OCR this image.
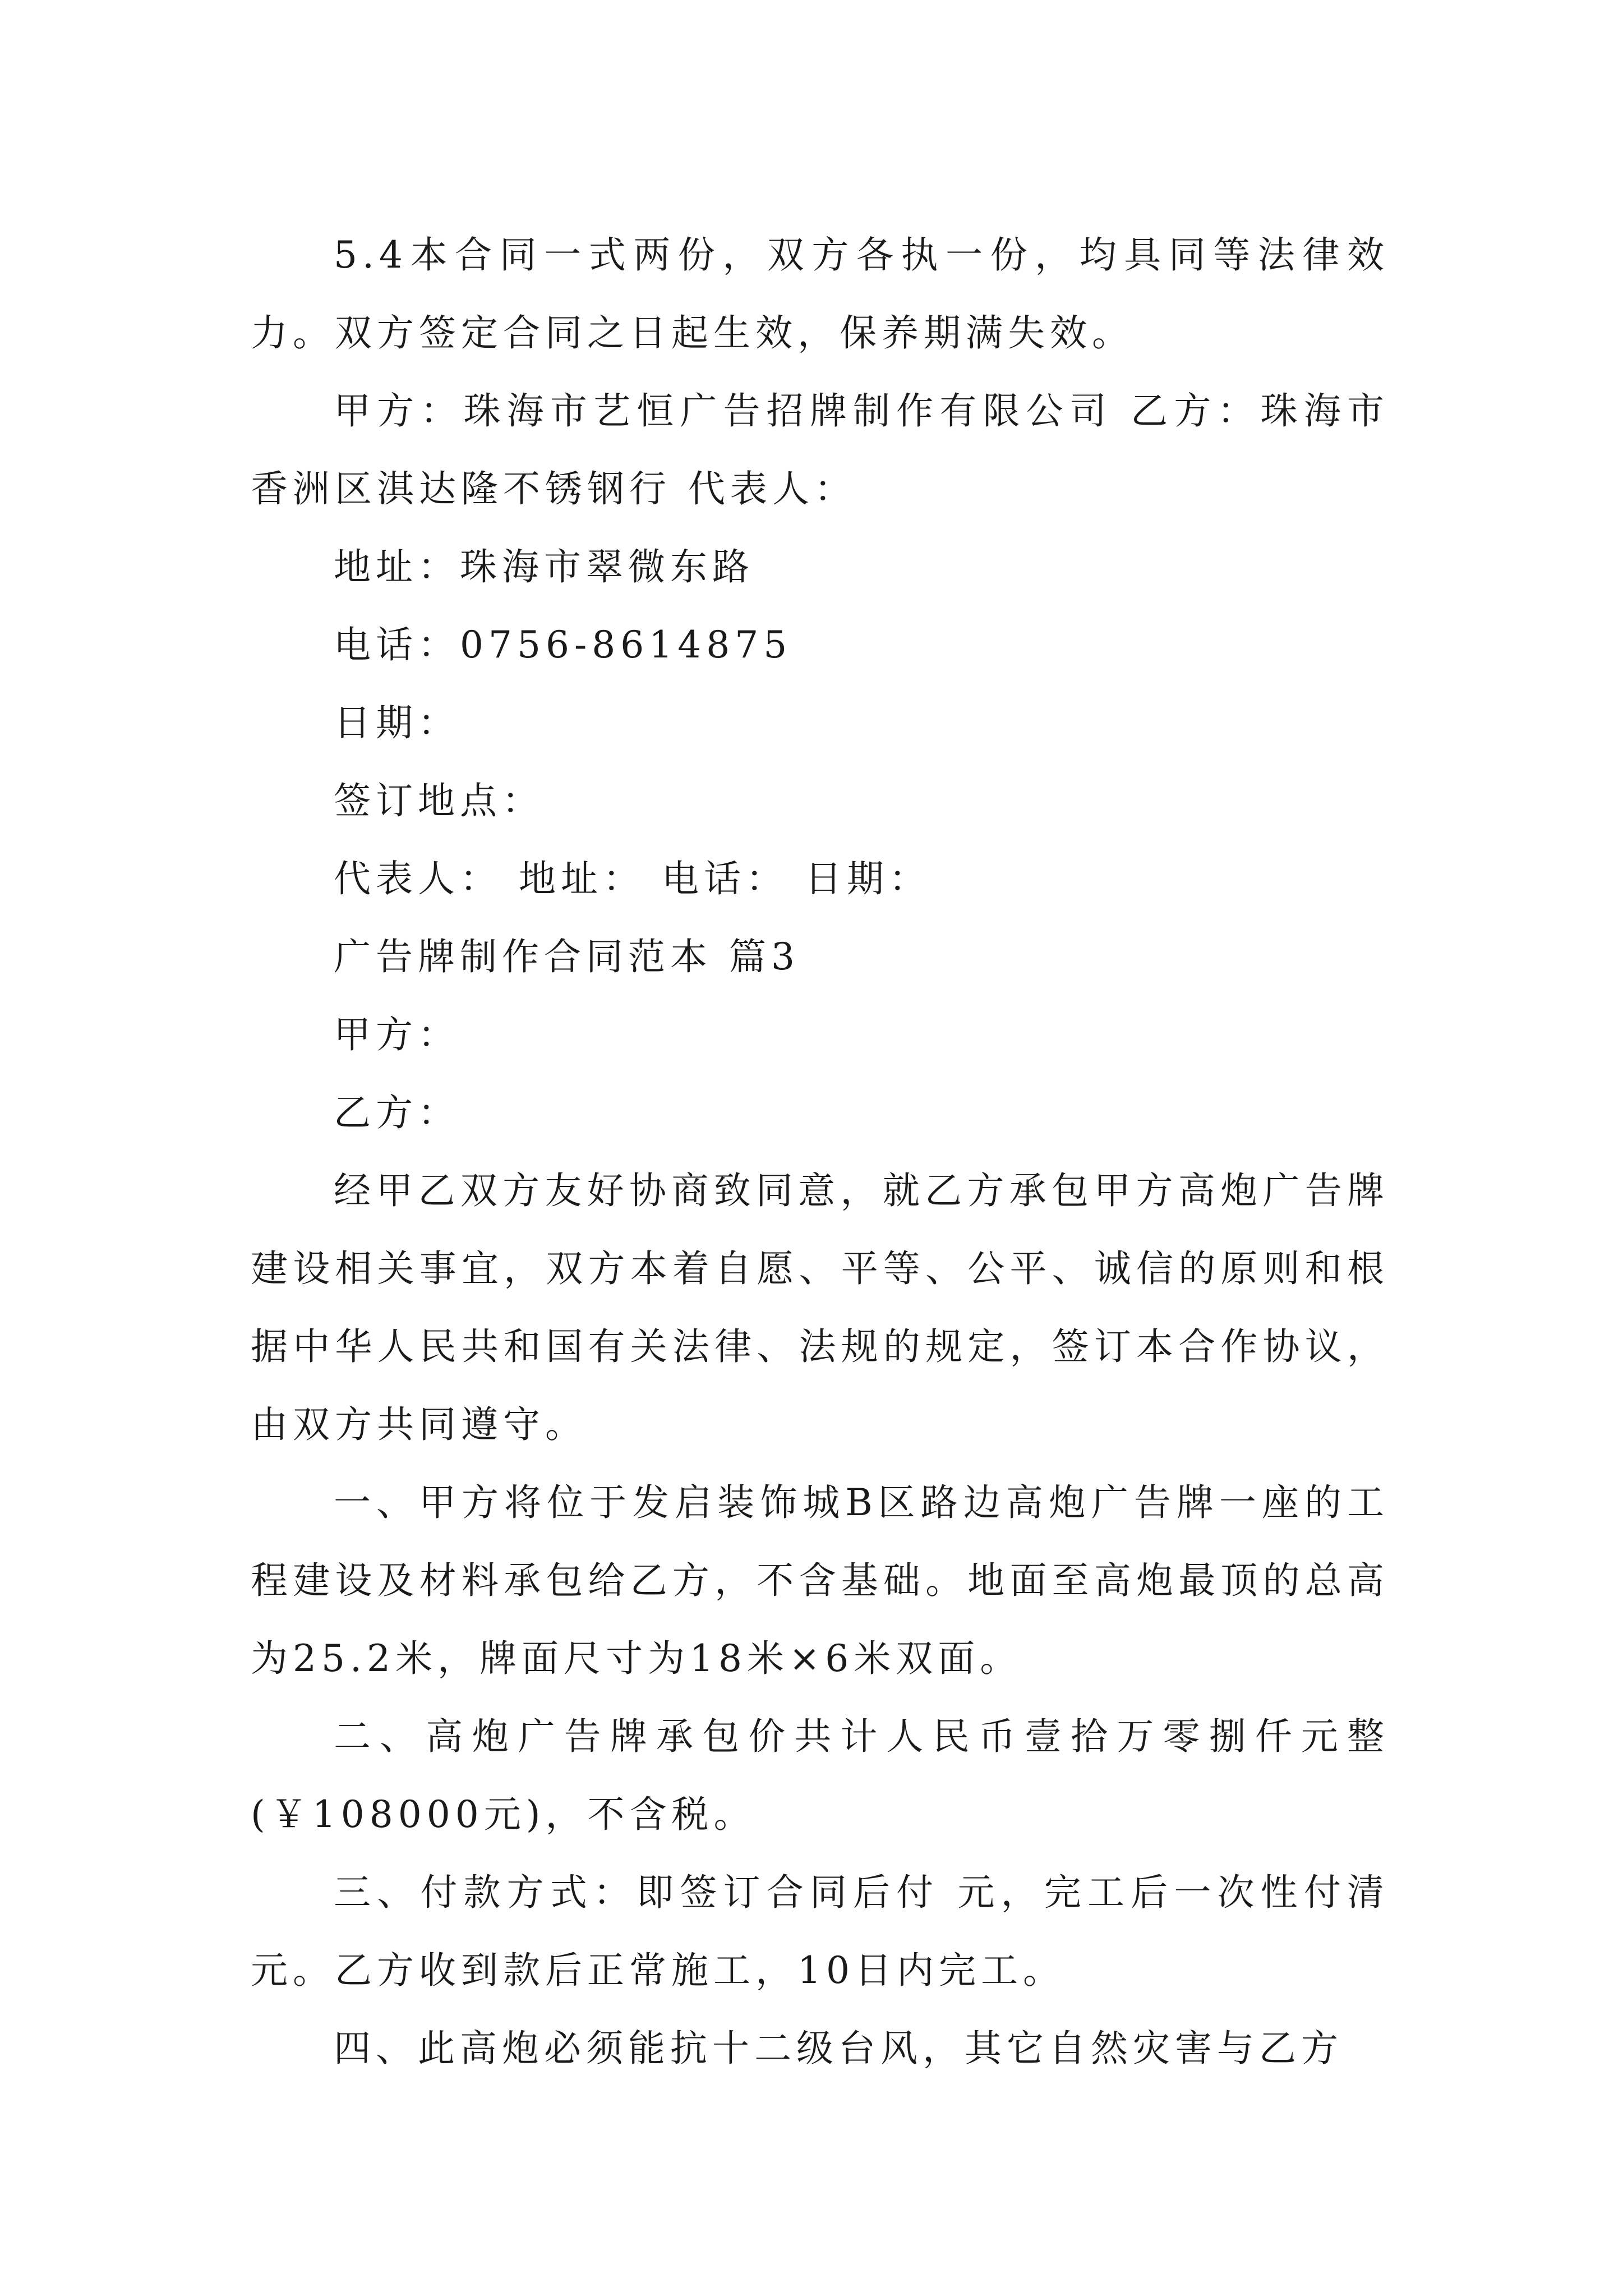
5.4本合同一式两份，双方各执一份，均具同等法律效力。双方签定合同之日起生效，保养期满失效。

甲方：珠海市艺恒广告招牌制作有限公司 乙方：珠海市香洲区淇达隆不锈钢行 代表人：

地址：珠海市翠微东路

电话：0756-8614875

日期：

签订地点：

代表人： 地址： 电话： 日期：

广告牌制作合同范本 篇3

甲方：

乙方：

经甲乙双方友好协商致同意，就乙方承包甲方高炮广告牌建设相关事宜，双方本着自愿、平等、公平、诚信的原则和根据中华人民共和国有关法律、法规的规定，签订本合作协议，由双方共同遵守。

一、甲方将位于发启装饰城B区路边高炮广告牌一座的工程建设及材料承包给乙方，不含基础。地面至高炮最顶的总高为25.2米，牌面尺寸为18米×6米双面。

二、高炮广告牌承包价共计人民币壹拾万零捌仟元整(￥108000元)，不含税。

三、付款方式：即签订合同后付 元，完工后一次性付清 元。乙方收到款后正常施工，10日内完工。

四、此高炮必须能抗十二级台风，其它自然灾害与乙方
